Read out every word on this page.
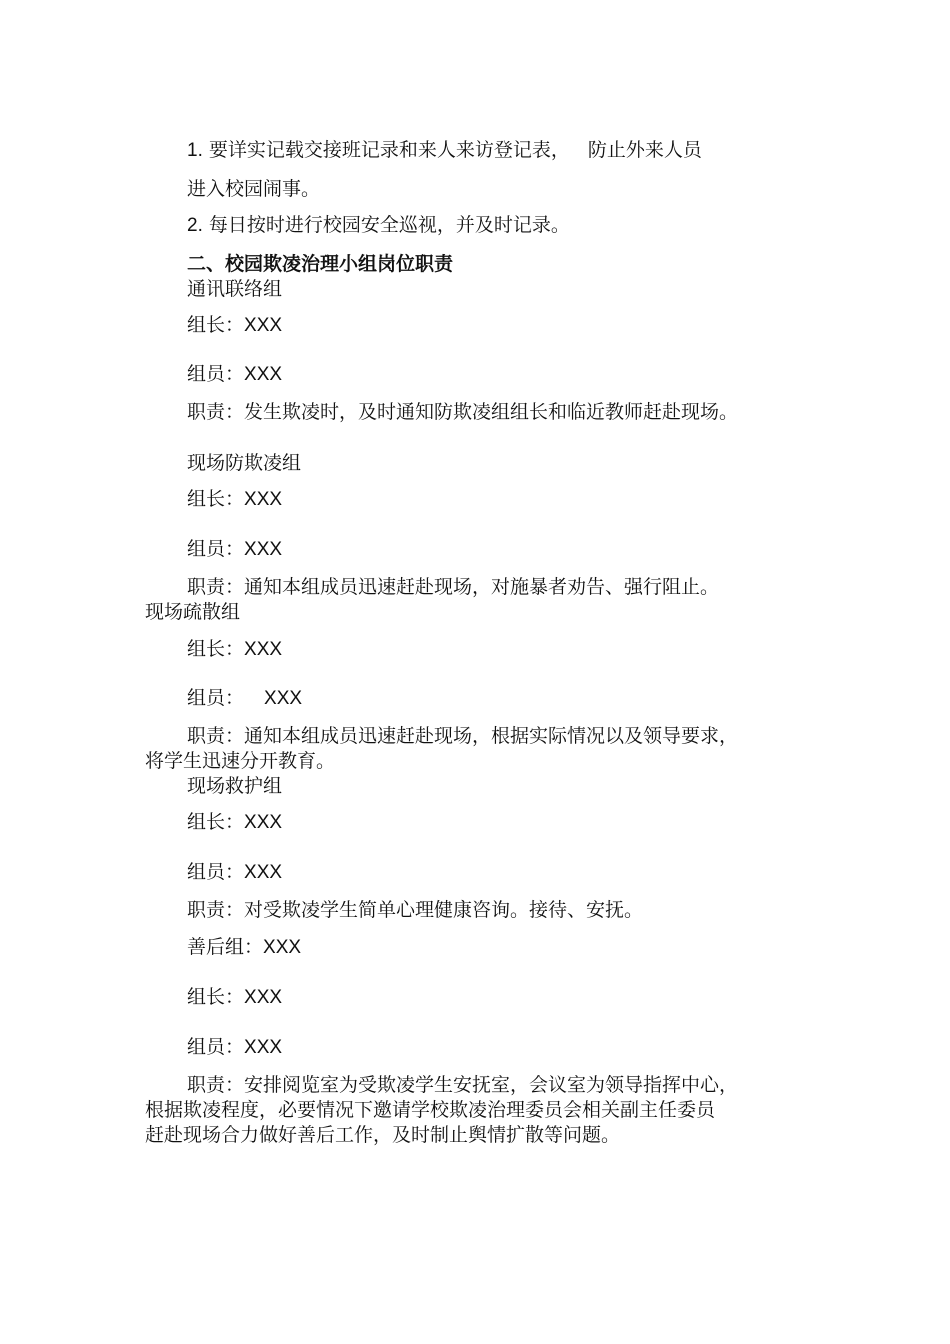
1. 要详实记载交接班记录和来人来访登记表， 防止外来人员
进入校园闹事。
2. 每日按时进行校园安全巡视，并及时记录。
二、校园欺凌治理小组岗位职责
通讯联络组
组长：XXX
组员：XXX
职责：发生欺凌时，及时通知防欺凌组组长和临近教师赶赴现场。
现场防欺凌组
组长：XXX
组员：XXX
职责：通知本组成员迅速赶赴现场，对施暴者劝告、强行阻止。
现场疏散组
组长：XXX
组员： XXX
职责：通知本组成员迅速赶赴现场，根据实际情况以及领导要求，
将学生迅速分开教育。
现场救护组
组长：XXX
组员：XXX
职责：对受欺凌学生简单心理健康咨询。接待、安抚。
善后组：XXX
组长：XXX
组员：XXX
职责：安排阅览室为受欺凌学生安抚室，会议室为领导指挥中心，
根据欺凌程度，必要情况下邀请学校欺凌治理委员会相关副主任委员
赶赴现场合力做好善后工作，及时制止舆情扩散等问题。
